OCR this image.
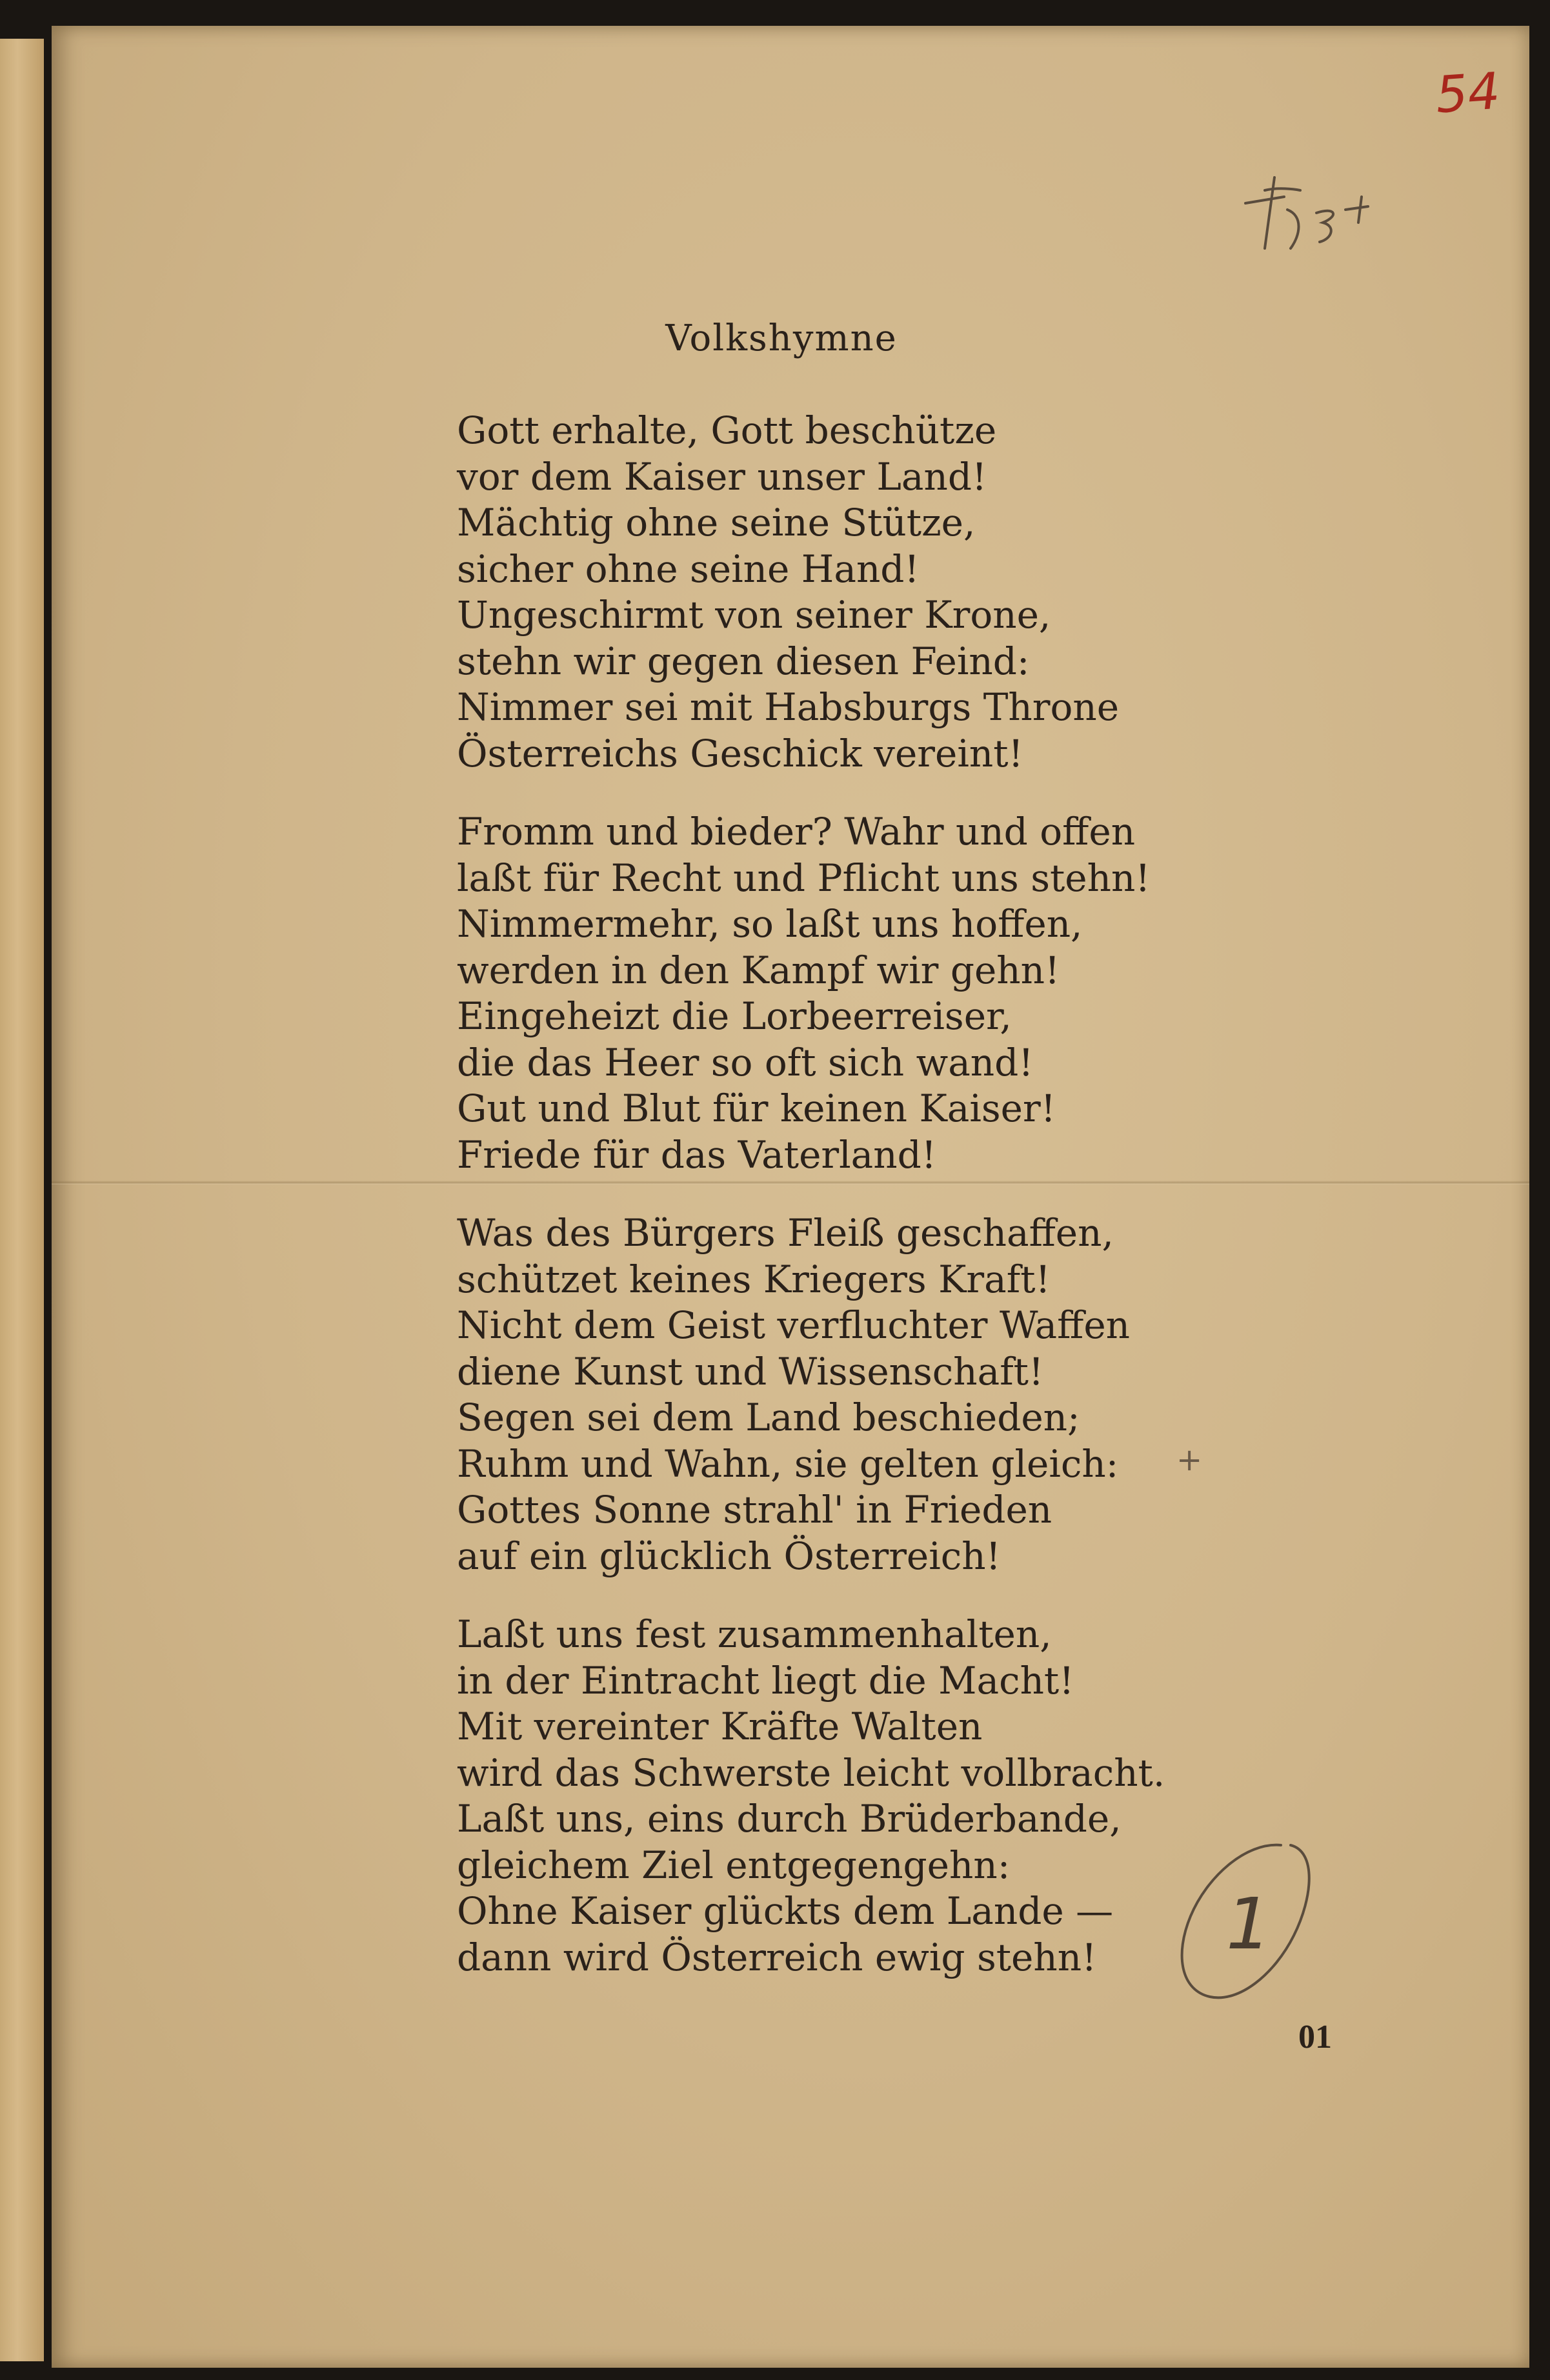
54
Volkshymne
Gott erhalte, Gott beschütze
vor dem Kaiser unser Land!
Mächtig ohne seine Stütze,
sicher ohne seine Hand!
Ungeschirmt von seiner Krone,
stehn wir gegen diesen Feind:
Nimmer sei mit Habsburgs Throne
Österreichs Geschick vereint!
Fromm und bieder? Wahr und offen
laßt für Recht und Pflicht uns stehn!
Nimmermehr, so laßt uns hoffen,
werden in den Kampf wir gehn!
Eingeheizt die Lorbeerreiser,
die das Heer so oft sich wand!
Gut und Blut für keinen Kaiser!
Friede für das Vaterland!
Was des Bürgers Fleiß geschaffen,
schützet keines Kriegers Kraft!
Nicht dem Geist verfluchter Waffen
diene Kunst und Wissenschaft!
Segen sei dem Land beschieden;
Ruhm und Wahn, sie gelten gleich:
Gottes Sonne strahl' in Frieden
auf ein glücklich Österreich!
Laßt uns fest zusammenhalten,
in der Eintracht liegt die Macht!
Mit vereinter Kräfte Walten
wird das Schwerste leicht vollbracht.
Laßt uns, eins durch Brüderbande,
gleichem Ziel entgegengehn:
Ohne Kaiser glückts dem Lande —
dann wird Österreich ewig stehn!
+
1
01
